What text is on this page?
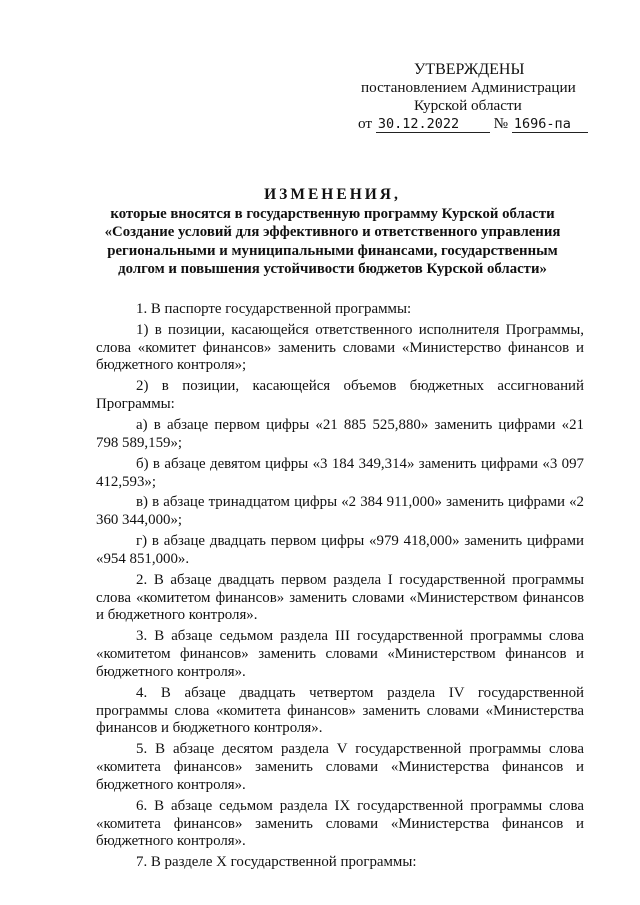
УТВЕРЖДЕНЫ
постановлением Администрации
Курской области
от 30.12.2022 № 1696-па
ИЗМЕНЕНИЯ,
которые вносятся в государственную программу Курской области
«Создание условий для эффективного и ответственного управления
региональными и муниципальными финансами, государственным
долгом и повышения устойчивости бюджетов Курской области»

1. В паспорте государственной программы:

1) в позиции, касающейся ответственного исполнителя Программы, слова «комитет финансов» заменить словами «Министерство финансов и бюджетного контроля»;

2) в позиции, касающейся объемов бюджетных ассигнований Программы:

а) в абзаце первом цифры «21 885 525,880» заменить цифрами «21 798 589,159»;

б) в абзаце девятом цифры «3 184 349,314» заменить цифрами «3 097 412,593»;

в) в абзаце тринадцатом цифры «2 384 911,000» заменить цифрами «2 360 344,000»;

г) в абзаце двадцать первом цифры «979 418,000» заменить цифрами «954 851,000».

2. В абзаце двадцать первом раздела I государственной программы слова «комитетом финансов» заменить словами «Министерством финансов и бюджетного контроля».

3. В абзаце седьмом раздела III государственной программы слова «комитетом финансов» заменить словами «Министерством финансов и бюджетного контроля».

4. В абзаце двадцать четвертом раздела IV государственной программы слова «комитета финансов» заменить словами «Министерства финансов и бюджетного контроля».

5. В абзаце десятом раздела V государственной программы слова «комитета финансов» заменить словами «Министерства финансов и бюджетного контроля».

6. В абзаце седьмом раздела IX государственной программы слова «комитета финансов» заменить словами «Министерства финансов и бюджетного контроля».

7. В разделе X государственной программы:
